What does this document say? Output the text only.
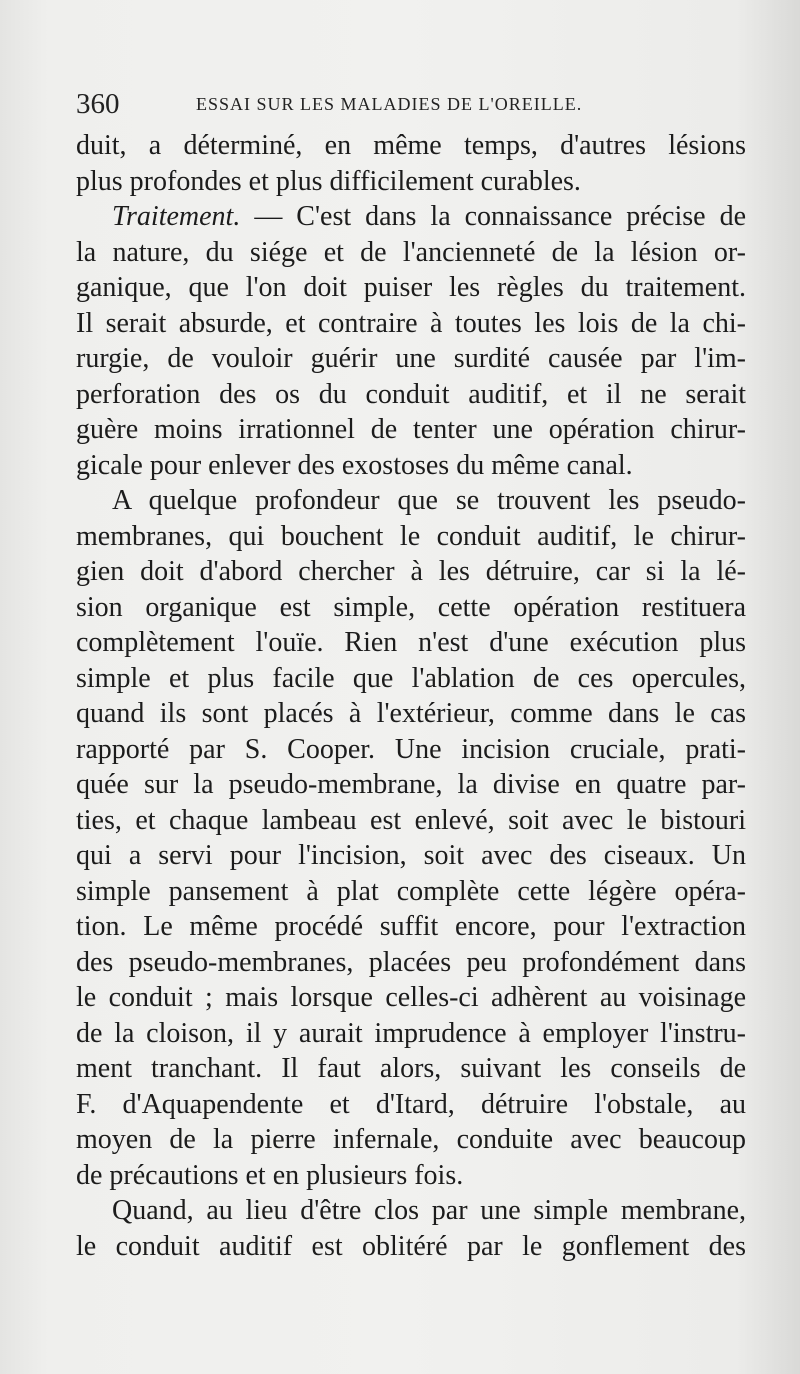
360	ESSAI SUR LES MALADIES DE L'OREILLE.
duit, a déterminé, en même temps, d'autres lésions
plus profondes et plus difficilement curables.
Traitement. — C'est dans la connaissance précise de
la nature, du siége et de l'ancienneté de la lésion or-
ganique, que l'on doit puiser les règles du traitement.
Il serait absurde, et contraire à toutes les lois de la chi-
rurgie, de vouloir guérir une surdité causée par l'im-
perforation des os du conduit auditif, et il ne serait
guère moins irrationnel de tenter une opération chirur-
gicale pour enlever des exostoses du même canal.
A quelque profondeur que se trouvent les pseudo-
membranes, qui bouchent le conduit auditif, le chirur-
gien doit d'abord chercher à les détruire, car si la lé-
sion organique est simple, cette opération restituera
complètement l'ouïe. Rien n'est d'une exécution plus
simple et plus facile que l'ablation de ces opercules,
quand ils sont placés à l'extérieur, comme dans le cas
rapporté par S. Cooper. Une incision cruciale, prati-
quée sur la pseudo-membrane, la divise en quatre par-
ties, et chaque lambeau est enlevé, soit avec le bistouri
qui a servi pour l'incision, soit avec des ciseaux. Un
simple pansement à plat complète cette légère opéra-
tion. Le même procédé suffit encore, pour l'extraction
des pseudo-membranes, placées peu profondément dans
le conduit ; mais lorsque celles-ci adhèrent au voisinage
de la cloison, il y aurait imprudence à employer l'instru-
ment tranchant. Il faut alors, suivant les conseils de
F. d'Aquapendente et d'Itard, détruire l'obstale, au
moyen de la pierre infernale, conduite avec beaucoup
de précautions et en plusieurs fois.
Quand, au lieu d'être clos par une simple membrane,
le conduit auditif est oblitéré par le gonflement des
